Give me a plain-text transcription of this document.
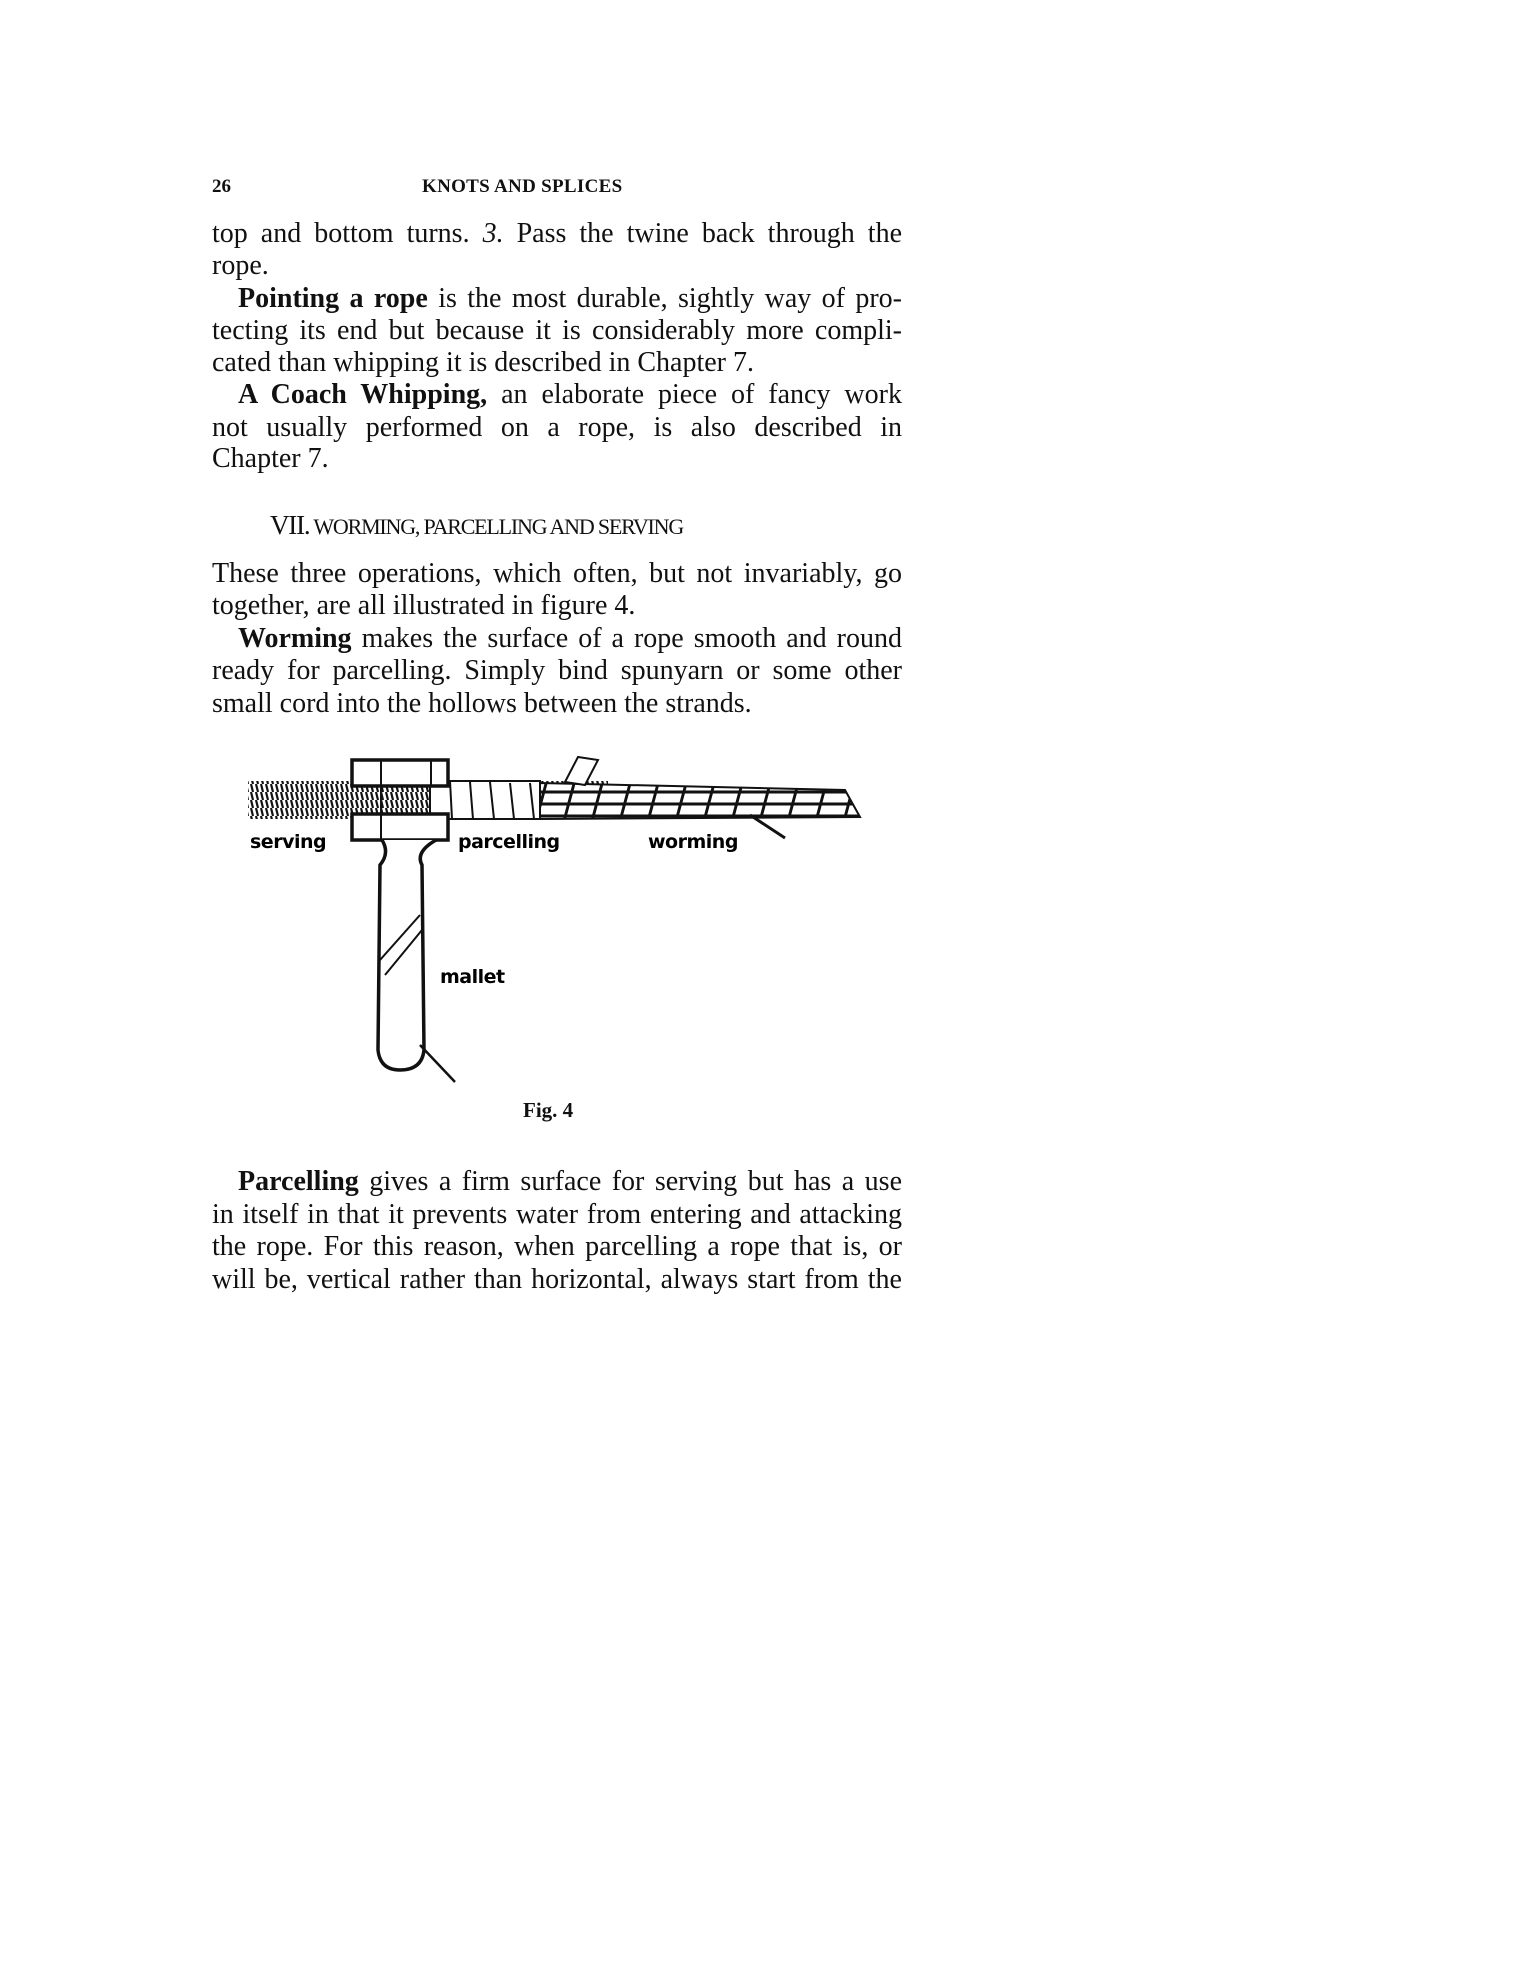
26	KNOTS AND SPLICES
top and bottom turns. 3. Pass the twine back through the
rope.
Pointing a rope is the most durable, sightly way of pro-
tecting its end but because it is considerably more compli-
cated than whipping it is described in Chapter 7.
A Coach Whipping, an elaborate piece of fancy work
not usually performed on a rope, is also described in
Chapter 7.
These three operations, which often, but not invariably, go
together, are all illustrated in figure 4.
Worming makes the surface of a rope smooth and round
ready for parcelling. Simply bind spunyarn or some other
small cord into the hollows between the strands.
Parcelling gives a firm surface for serving but has a use
in itself in that it prevents water from entering and attacking
the rope. For this reason, when parcelling a rope that is, or
will be, vertical rather than horizontal, always start from the
VII. WORMING, PARCELLING AND SERVING
serving	parcelling	worming
mallet
Fig. 4
